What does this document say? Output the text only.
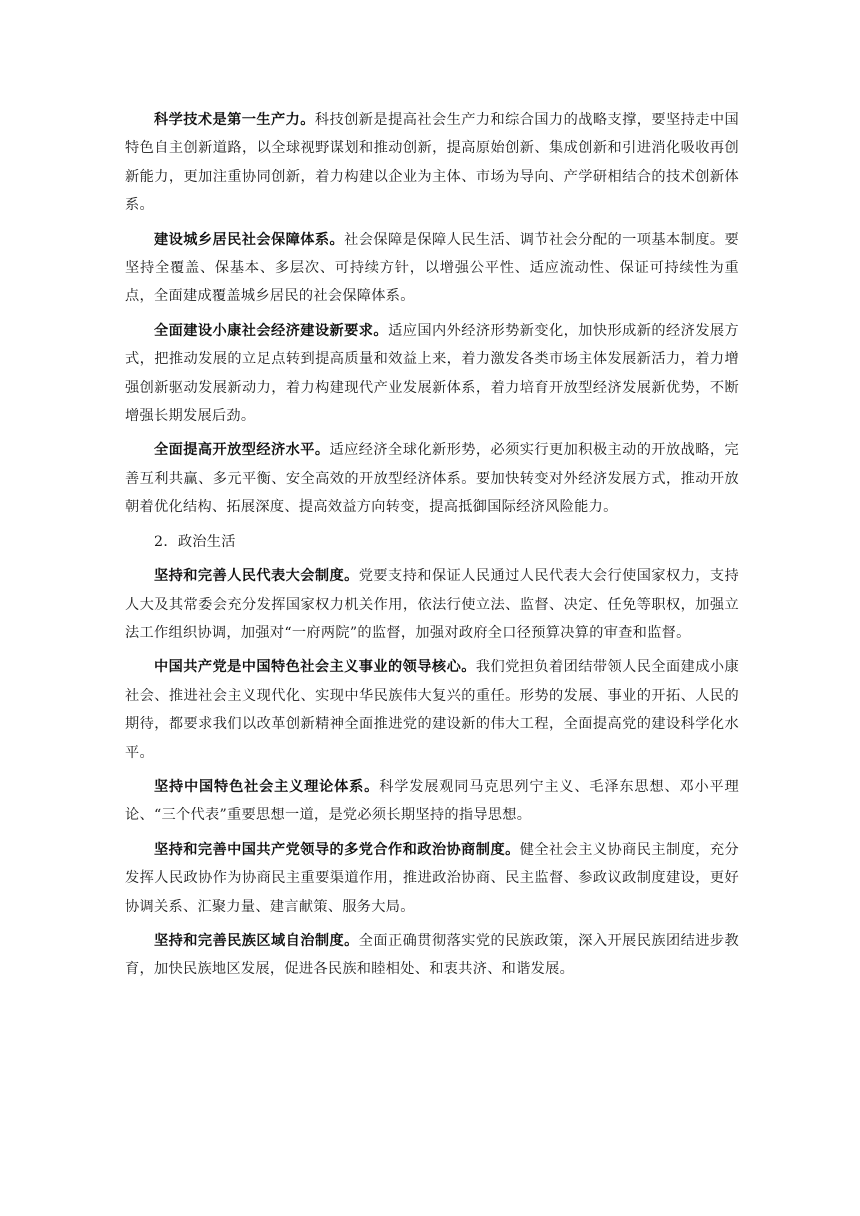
科学技术是第一生产力。科技创新是提高社会生产力和综合国力的战略支撑，要坚持走中国特色自主创新道路，以全球视野谋划和推动创新，提高原始创新、集成创新和引进消化吸收再创新能力，更加注重协同创新，着力构建以企业为主体、市场为导向、产学研相结合的技术创新体系。

建设城乡居民社会保障体系。社会保障是保障人民生活、调节社会分配的一项基本制度。要坚持全覆盖、保基本、多层次、可持续方针，以增强公平性、适应流动性、保证可持续性为重点，全面建成覆盖城乡居民的社会保障体系。

全面建设小康社会经济建设新要求。适应国内外经济形势新变化，加快形成新的经济发展方式，把推动发展的立足点转到提高质量和效益上来，着力激发各类市场主体发展新活力，着力增强创新驱动发展新动力，着力构建现代产业发展新体系，着力培育开放型经济发展新优势，不断增强长期发展后劲。

全面提高开放型经济水平。适应经济全球化新形势，必须实行更加积极主动的开放战略，完善互利共赢、多元平衡、安全高效的开放型经济体系。要加快转变对外经济发展方式，推动开放朝着优化结构、拓展深度、提高效益方向转变，提高抵御国际经济风险能力。

2．政治生活

坚持和完善人民代表大会制度。党要支持和保证人民通过人民代表大会行使国家权力，支持人大及其常委会充分发挥国家权力机关作用，依法行使立法、监督、决定、任免等职权，加强立法工作组织协调，加强对“一府两院”的监督，加强对政府全口径预算决算的审查和监督。

中国共产党是中国特色社会主义事业的领导核心。我们党担负着团结带领人民全面建成小康社会、推进社会主义现代化、实现中华民族伟大复兴的重任。形势的发展、事业的开拓、人民的期待，都要求我们以改革创新精神全面推进党的建设新的伟大工程，全面提高党的建设科学化水平。

坚持中国特色社会主义理论体系。科学发展观同马克思列宁主义、毛泽东思想、邓小平理论、“三个代表”重要思想一道，是党必须长期坚持的指导思想。

坚持和完善中国共产党领导的多党合作和政治协商制度。健全社会主义协商民主制度，充分发挥人民政协作为协商民主重要渠道作用，推进政治协商、民主监督、参政议政制度建设，更好协调关系、汇聚力量、建言献策、服务大局。

坚持和完善民族区域自治制度。全面正确贯彻落实党的民族政策，深入开展民族团结进步教育，加快民族地区发展，促进各民族和睦相处、和衷共济、和谐发展。
